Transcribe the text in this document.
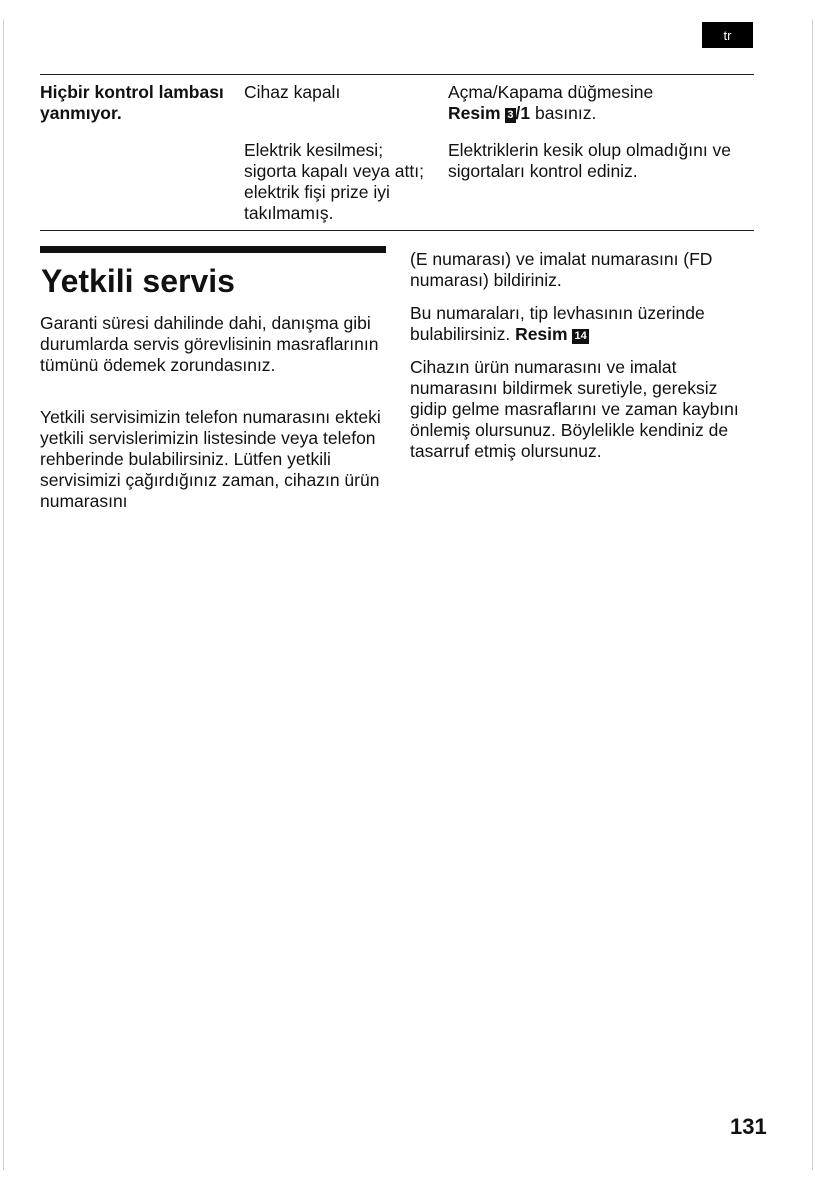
tr

Hiçbir kontrol lambası yanmıyor.

Cihaz kapalı	Açma/Kapama düğmesine

Resim 3 /1 basınız.

Elektrik kesilmesi; sigorta kapalı veya attı; elektrik fişi prize iyi takılmamış.

Elektriklerin kesik olup olmadığını ve sigortaları kontrol ediniz.

Yetkili servis

Garanti süresi dahilinde dahi, danışma gibi durumlarda servis görevlisinin masraflarının tümünü ödemek zorundasınız.

Yetkili servisimizin telefon numarasını ekteki yetkili servislerimizin listesinde veya telefon rehberinde bulabilirsiniz. Lütfen yetkili servisimizi çağırdığınız zaman, cihazın ürün numarasını

(E numarası) ve imalat numarasını (FD numarası) bildiriniz.

Bu numaraları, tip levhasının üzerinde bulabilirsiniz. Resim 14

Cihazın ürün numarasını ve imalat numarasını bildirmek suretiyle, gereksiz gidip gelme masraflarını ve zaman kaybını önlemiş olursunuz. Böylelikle kendiniz de tasarruf etmiş olursunuz.

131
